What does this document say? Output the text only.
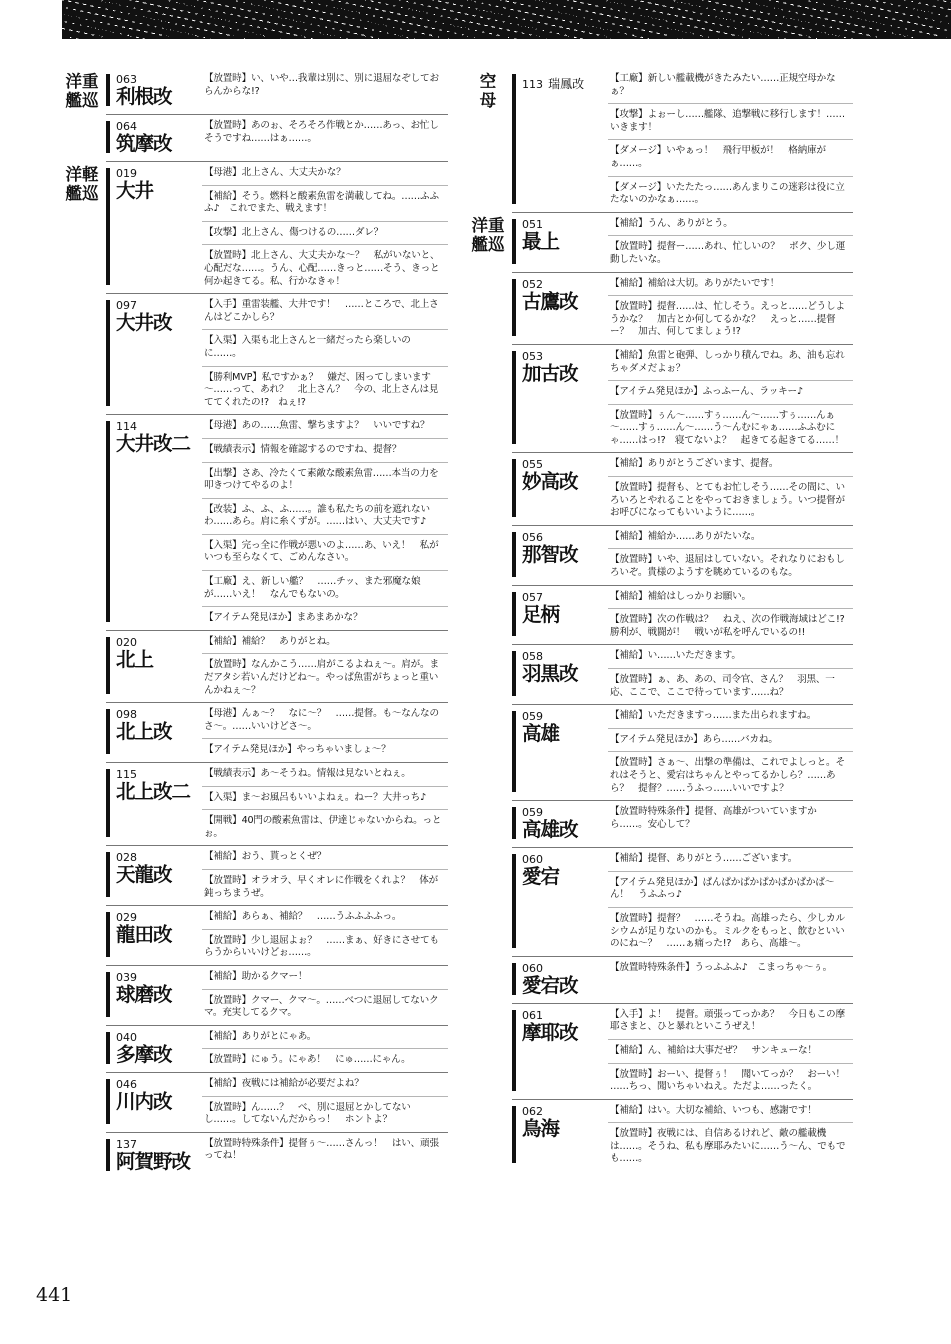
洋重
艦巡
063
利根改
【放置時】い、いや…我輩は別に、別に退屈なぞしておらんからな!?
064
筑摩改
【放置時】あのぉ、そろそろ作戦とか……あっ、お忙しそうですね……はぁ……。
洋軽
艦巡
019
大井
【母港】北上さん、大丈夫かな？
【補給】そう。燃料と酸素魚雷を満載してね。……ふふふ♪　これでまた、戦えます！
【攻撃】北上さん、傷つけるの……ダレ？
【放置時】北上さん、大丈夫かな～？　私がいないと、心配だな……。うん、心配……きっと……そう、きっと何か起きてる。私、行かなきゃ！
097
大井改
【入手】重雷装艦、大井です！　……ところで、北上さんはどこかしら？
【入渠】入渠も北上さんと一緒だったら楽しいのに……。
【勝利MVP】私ですかぁ？　嫌だ、困ってしまいます～……って、あれ？　北上さん？　今の、北上さんは見ててくれたの!?　ねぇ!?
114
大井改二
【母港】あの……魚雷、撃ちますよ？　いいですね？
【戦績表示】情報を確認するのですね、提督？
【出撃】さあ、冷たくて素敵な酸素魚雷……本当の力を叩きつけてやるのよ！
【改装】ふ、ふ、ふ……。誰も私たちの前を遮れないわ……あら。肩に糸くずが。……はい、大丈夫です♪
【入渠】完っ全に作戦が悪いのよ……あ、いえ！　私がいつも至らなくて、ごめんなさい。
【工廠】え、新しい艦？　……チッ、また邪魔な娘が……いえ！　なんでもないの。
【アイテム発見ほか】まあまあかな？
020
北上
【補給】補給？　ありがとね。
【放置時】なんかこう……肩がこるよねぇ～。肩が。まだアタシ若いんだけどね～。やっぱ魚雷がちょっと重いんかねぇ～？
098
北上改
【母港】んぁ～？　なに～？　……提督。も～なんなのさ～。……いいけどさ～。
【アイテム発見ほか】やっちゃいましょ～？
115
北上改二
【戦績表示】あ～そうね。情報は見ないとねぇ。
【入渠】ま～お風呂もいいよねぇ。ねー？大井っち♪
【開戦】40門の酸素魚雷は、伊達じゃないからね。っとぉ。
028
天龍改
【補給】おう、貰っとくぜ？
【放置時】オラオラ、早くオレに作戦をくれよ？　体が鈍っちまうぜ。
029
龍田改
【補給】あらぁ、補給？　……うふふふふっ。
【放置時】少し退屈よぉ？　……まぁ、好きにさせてもらうからいいけどぉ……。
039
球磨改
【補給】助かるクマー！
【放置時】クマー、クマ～。……べつに退屈してないクマ。充実してるクマ。
040
多摩改
【補給】ありがとにゃあ。
【放置時】にゅう。にゃあ！　にゅ……にゃん。
046
川内改
【補給】夜戦には補給が必要だよね？
【放置時】ん……？　べ、別に退屈とかしてないし……。してないんだからっ！　ホントよ？
137
阿賀野改
【放置時特殊条件】提督ぅ～……さんっ！　はい、頑張ってね！
空
母
113 瑞鳳改	【工廠】新しい艦載機がきたみたい……正規空母かなぁ？
【攻撃】よぉーし……艦隊、追撃戦に移行します！……いきます！
【ダメージ】いやぁっ！　飛行甲板が！　格納庫がぁ……。
【ダメージ】いたたたっ……あんまりこの迷彩は役に立たないのかなぁ……。
洋重
艦巡
051
最上
【補給】うん、ありがとう。
【放置時】提督ー……あれ、忙しいの？　ボク、少し運動したいな。
052
古鷹改
【補給】補給は大切。ありがたいです！
【放置時】提督……は、忙しそう。えっと……どうしようかな？　加古とか何してるかな？　えっと……提督ー？　加古、何してましょう!?
053
加古改
【補給】魚雷と砲弾、しっかり積んでね。あ、油も忘れちゃダメだよぉ？
【アイテム発見ほか】ふっふーん、ラッキー♪
【放置時】ぅん～……すぅ……ん～……すぅ……んぁ～……すぅ……ん～……う～んむにゃぁ……ふふむにゃ……はっ!?　寝てないよ？　起きてる起きてる……！
055
妙高改
【補給】ありがとうございます、提督。
【放置時】提督も、とてもお忙しそう……その間に、いろいろとやれることをやっておきましょう。いつ提督がお呼びになってもいいように……。
056
那智改
【補給】補給か……ありがたいな。
【放置時】いや、退屈はしていない。それなりにおもしろいぞ。貴様のようすを眺めているのもな。
057
足柄
【補給】補給はしっかりお願い。
【放置時】次の作戦は？　ねえ、次の作戦海域はどこ!?　勝利が、戦闘が！　戦いが私を呼んでいるの!!
058
羽黒改
【補給】い……いただきます。
【放置時】ぁ、あ、あの、司令官、さん？　羽黒、一応、ここで、ここで待っています……ね？
059
高雄
【補給】いただきますっ……また出られますね。
【アイテム発見ほか】あら……バカね。
【放置時】さぁ～、出撃の準備は、これでよしっと。それはそうと、愛宕はちゃんとやってるかしら？……あら？　提督？……うふっ……いいですよ？
059
高雄改
【放置時特殊条件】提督、高雄がついていますから……。安心して？
060
愛宕
【補給】提督、ありがとう……ございます。
【アイテム発見ほか】ぱんぱかぱかぱかぱかぱかぱ～ん！　うふふっ♪
【放置時】提督？　……そうね。高雄ったら、少しカルシウムが足りないのかも。ミルクをもっと、飲むといいのにね～？　……ぁ痛った!?　あら、高雄～。
060
愛宕改
【放置時特殊条件】うっふふふ♪　こまっちゃ～ぅ。
061
摩耶改
【入手】よ！　提督。頑張ってっかあ？　今日もこの摩耶さまと、ひと暴れといこうぜえ！
【補給】ん、補給は大事だぜ？　サンキューな！
【放置時】おーい、提督ぅ！　聞いてっか？　おーい！　……ちっ、聞いちゃいねえ。ただよ……ったく。
062
鳥海
【補給】はい。大切な補給、いつも、感謝です！
【放置時】夜戦には、自信あるけれど、敵の艦載機は……。そうね、私も摩耶みたいに……う～ん、でもでも……。
441
